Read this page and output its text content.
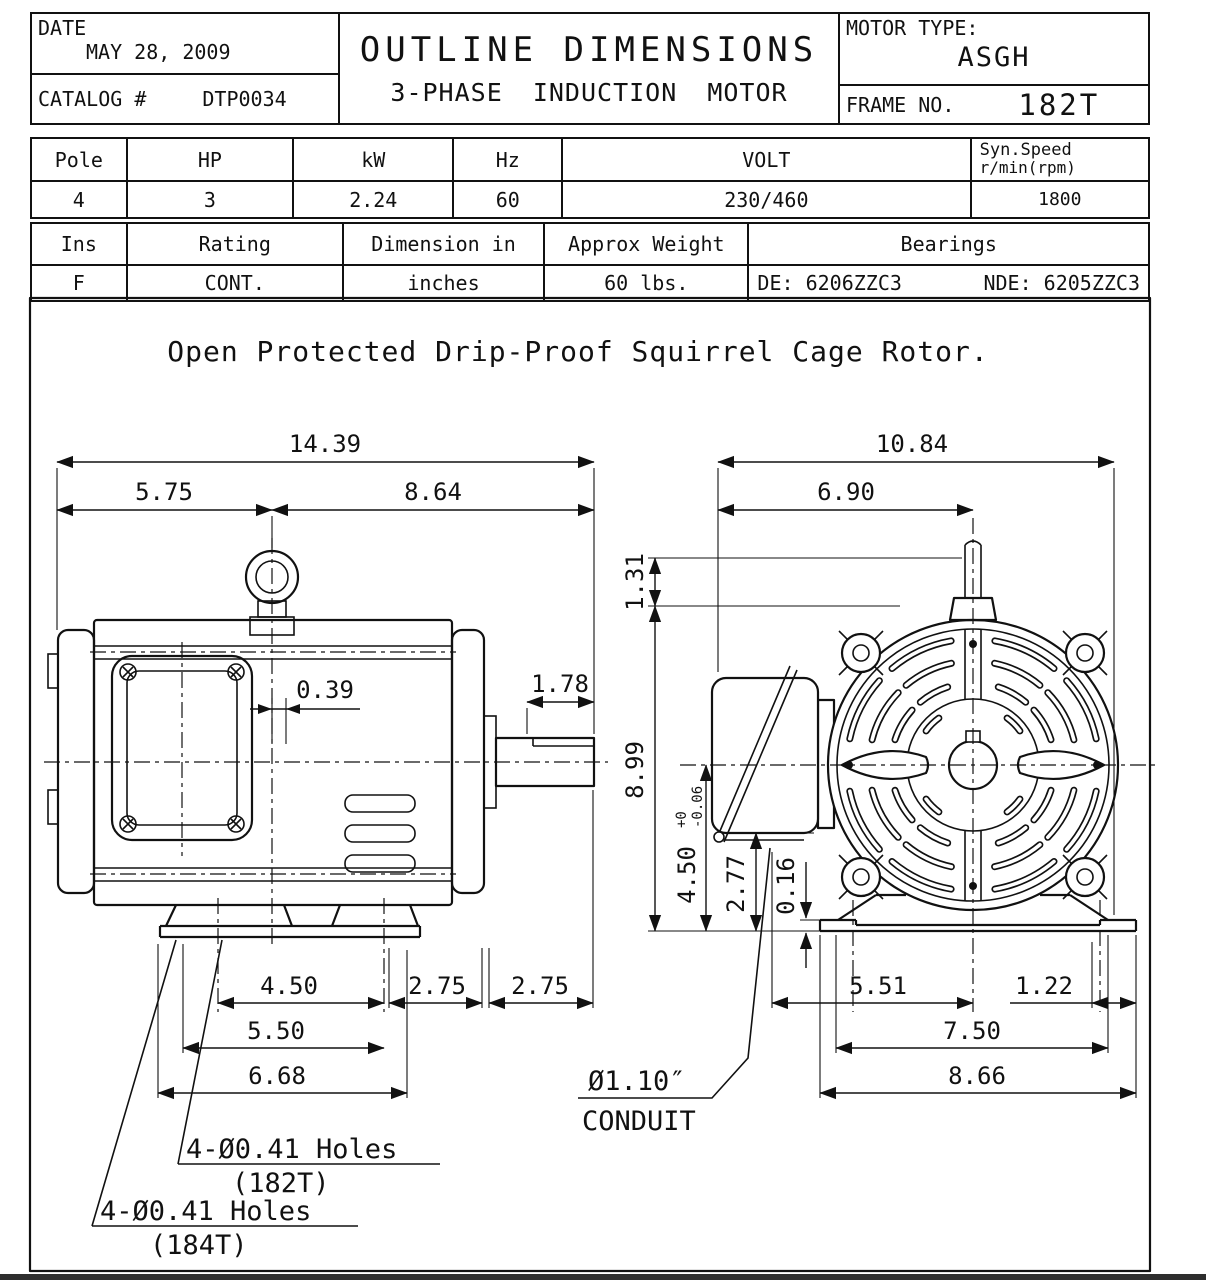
Open Protected Drip-Proof Squirrel Cage Rotor.
14.39
5.75	8.64
0.39	1.78
4.50	2.75 2.75
5.50
6.68
4-Ø0.41 Holes
(182T)
4-Ø0.41 Holes
(184T)
10.84
6.90
1.31
8.99
4.50
+0 -0.06
2.77 0.16
5.51	1.22
7.50
8.66
Ø1.10″
CONDUIT
DATE
MAY 28, 2009
CATALOG #	DTP0034
OUTLINE DIMENSIONS
3-PHASE INDUCTION MOTOR
MOTOR TYPE:
ASGH
FRAME NO. 182T
Pole	HP	kW	Hz	VOLT	Syn.Speed
r/min(rpm)
4	3	2.24	60	230/460	1800
Ins	Rating	Dimension in	Approx Weight	Bearings
F	CONT.	inches	60 lbs.	DE: 6206ZZC3	NDE: 6205ZZC3
